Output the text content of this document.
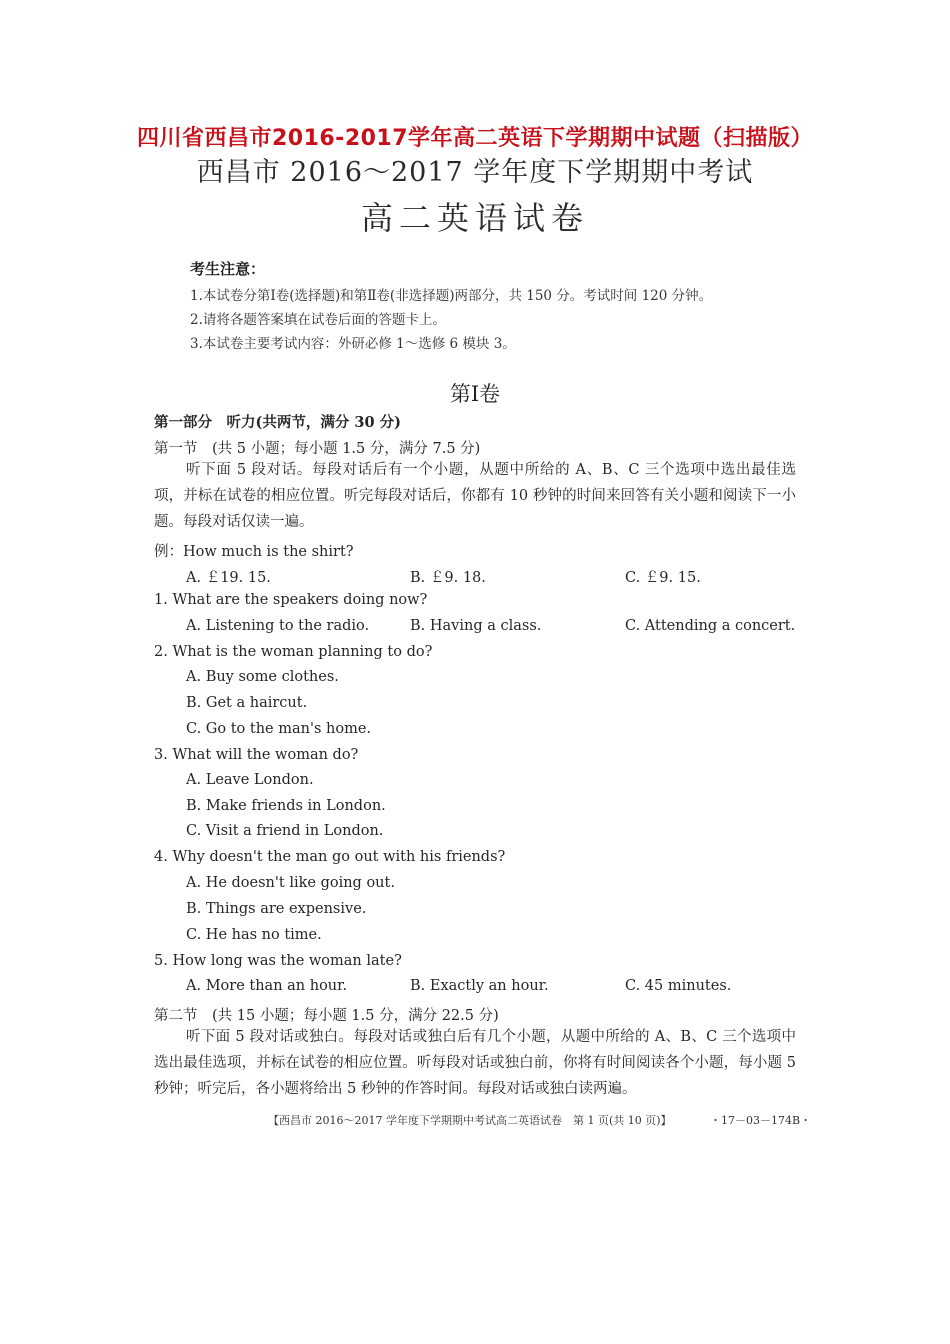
四川省西昌市2016-2017学年高二英语下学期期中试题（扫描版）
西昌市 2016～2017 学年度下学期期中考试
高二英语试卷
考生注意：
1.本试卷分第Ⅰ卷(选择题)和第Ⅱ卷(非选择题)两部分，共 150 分。考试时间 120 分钟。
2.请将各题答案填在试卷后面的答题卡上。
3.本试卷主要考试内容：外研必修 1～选修 6 模块 3。
第Ⅰ卷
第一部分　听力(共两节，满分 30 分)
第一节　(共 5 小题；每小题 1.5 分，满分 7.5 分)
听下面 5 段对话。每段对话后有一个小题，从题中所给的 A、B、C 三个选项中选出最佳选项，并标在试卷的相应位置。听完每段对话后，你都有 10 秒钟的时间来回答有关小题和阅读下一小题。每段对话仅读一遍。
例：How much is the shirt?
A. ￡19. 15.	B. ￡9. 18.	C. ￡9. 15.
1. What are the speakers doing now?
A. Listening to the radio.	B. Having a class.	C. Attending a concert.
2. What is the woman planning to do?
A. Buy some clothes.
B. Get a haircut.
C. Go to the man's home.
3. What will the woman do?
A. Leave London.
B. Make friends in London.
C. Visit a friend in London.
4. Why doesn't the man go out with his friends?
A. He doesn't like going out.
B. Things are expensive.
C. He has no time.
5. How long was the woman late?
A. More than an hour.	B. Exactly an hour.	C. 45 minutes.
第二节　(共 15 小题；每小题 1.5 分，满分 22.5 分)
听下面 5 段对话或独白。每段对话或独白后有几个小题，从题中所给的 A、B、C 三个选项中选出最佳选项，并标在试卷的相应位置。听每段对话或独白前，你将有时间阅读各个小题，每小题 5 秒钟；听完后，各小题将给出 5 秒钟的作答时间。每段对话或独白读两遍。
【西昌市 2016～2017 学年度下学期期中考试高二英语试卷　第 1 页(共 10 页)】	・17－03－174B・
